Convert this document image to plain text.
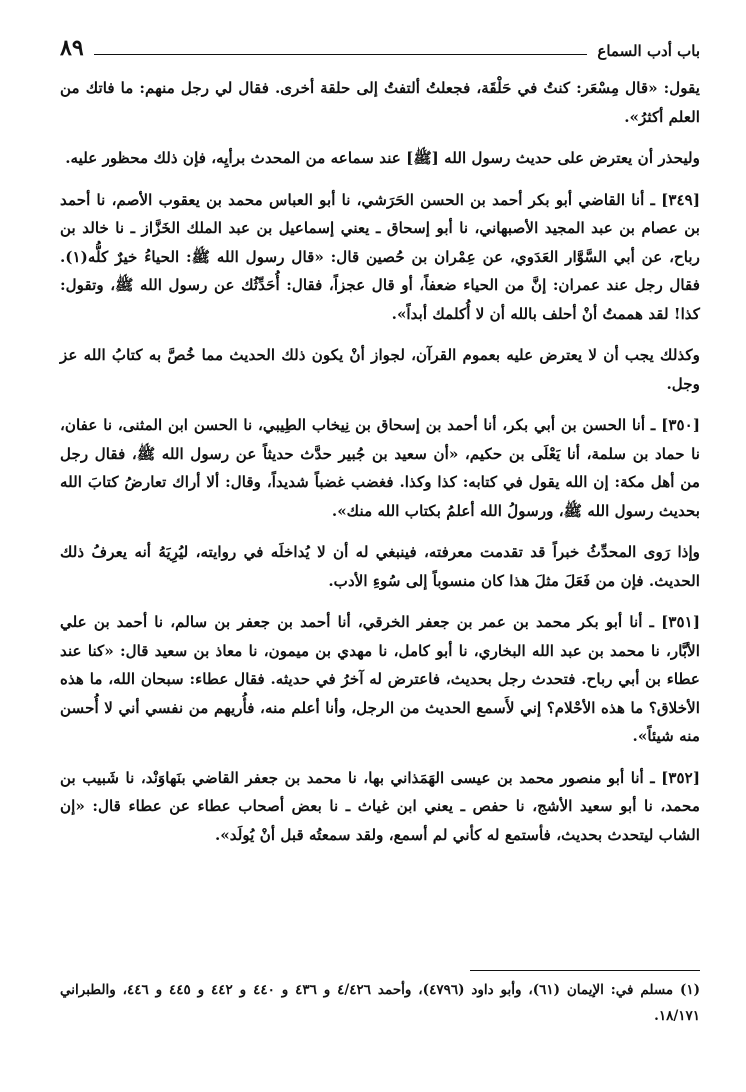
باب أدب السماع
٨٩

يقول: «قال مِسْعَر: كنتُ في حَلْقَة، فجعلتُ ألتفتُ إلى حلقة أخرى. فقال لي رجل منهم: ما فاتك من العلم أكثرُ».

وليحذر أن يعترض على حديث رسول الله [ﷺ] عند سماعه من المحدث برأيِه، فإن ذلك محظور عليه.

[٣٤٩] ـ أنا القاضي أبو بكر أحمد بن الحسن الحَرَشي، نا أبو العباس محمد بن يعقوب الأصم، نا أحمد بن عصام بن عبد المجيد الأصبهاني، نا أبو إسحاق ـ يعني إسماعيل بن عبد الملك الخَزَّاز ـ نا خالد بن رباح، عن أبي السَّوَّار العَدَوي، عن عِمْران بن حُصين قال: «قال رسول الله ﷺ: الحياءُ خيرٌ كلُّه(١). فقال رجل عند عمران: إنَّ من الحياء ضعفاً، أو قال عجزاً، فقال: أُحَدِّثُك عن رسول الله ﷺ، وتقول: كذا! لقد هممتُ أنْ أحلف بالله أن لا أُكلمك أبداً».

وكذلك يجب أن لا يعترض عليه بعموم القرآن، لجواز أنْ يكون ذلك الحديث مما خُصَّ به كتابُ الله عز وجل.

[٣٥٠] ـ أنا الحسن بن أبي بكر، أنا أحمد بن إسحاق بن نِيخاب الطِيبي، نا الحسن ابن المثنى، نا عفان، نا حماد بن سلمة، أنا يَعْلَى بن حكيم، «أن سعيد بن جُبير حدَّث حديثاً عن رسول الله ﷺ، فقال رجل من أهل مكة: إن الله يقول في كتابه: كذا وكذا. فغضب غضباً شديداً، وقال: ألا أراك تعارضُ كتابَ الله بحديث رسول الله ﷺ، ورسولُ الله أعلمُ بكتاب الله منك».

وإذا رَوى المحدِّثُ خبراً قد تقدمت معرفته، فينبغي له أن لا يُداخلَه في روايته، ليُرِيَهُ أنه يعرفُ ذلك الحديث. فإن من فَعَلَ مثلَ هذا كان منسوباً إلى سُوءِ الأدب.

[٣٥١] ـ أنا أبو بكر محمد بن عمر بن جعفر الخرقي، أنا أحمد بن جعفر بن سالم، نا أحمد بن علي الأبَّار، نا محمد بن عبد الله البخاري، نا أبو كامل، نا مهدي بن ميمون، نا معاذ بن سعيد قال: «كنا عند عطاء بن أبي رباح. فتحدث رجل بحديث، فاعترض له آخرُ في حديثه. فقال عطاء: سبحان الله، ما هذه الأخلاق؟ ما هذه الأحْلام؟ إني لأَسمع الحديث من الرجل، وأنا أعلم منه، فأُريهم من نفسي أني لا أُحسن منه شيئاً».

[٣٥٢] ـ أنا أبو منصور محمد بن عيسى الهَمَذاني بها، نا محمد بن جعفر القاضي بنَهاوَنْد، نا شَبيب بن محمد، نا أبو سعيد الأشج، نا حفص ـ يعني ابن غياث ـ نا بعض أصحاب عطاء عن عطاء قال: «إن الشاب ليتحدث بحديث، فأستمع له كأني لم أسمع، ولقد سمعتُه قبل أنْ يُولَد».

(١) مسلم في: الإيمان (٦١)، وأبو داود (٤٧٩٦)، وأحمد ٤/٤٢٦ و ٤٣٦ و ٤٤٠ و ٤٤٢ و ٤٤٥ و ٤٤٦، والطبراني ١٨/١٧١.
